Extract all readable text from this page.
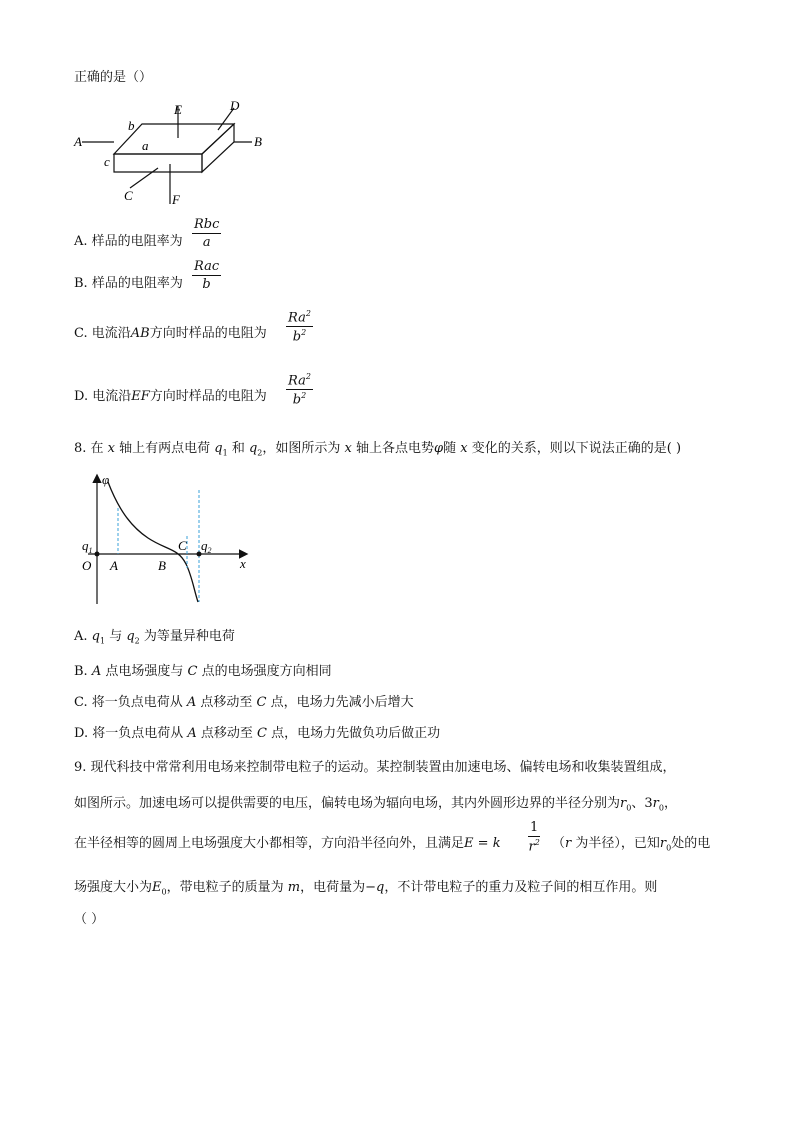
正确的是（）
A	B
E
F
D
C
a
b
c
A. 样品的电阻率为
Rbc
a
B. 样品的电阻率为
Rac
b
C. 电流沿AB方向时样品的电阻为
Ra$^2$
$b^2$
D. 电流沿EF方向时样品的电阻为
Ra$^2$
$b^2$
8. 在 x 轴上有两点电荷 $q_1$ 和 $q_2$，如图所示为 x 轴上各点电势φ随 x 变化的关系，则以下说法正确的是( )
φ
$q_1$	$q_2$
O A	B
C
x
A. $q_1$ 与 $q_2$ 为等量异种电荷
B. A 点电场强度与 C 点的电场强度方向相同
C. 将一负点电荷从 A 点移动至 C 点，电场力先减小后增大
D. 将一负点电荷从 A 点移动至 C 点，电场力先做负功后做正功
9. 现代科技中常常利用电场来控制带电粒子的运动。某控制装置由加速电场、偏转电场和收集装置组成，
如图所示。加速电场可以提供需要的电压，偏转电场为辐向电场，其内外圆形边界的半径分别为$r_0$、$3r_0$，
在半径相等的圆周上电场强度大小都相等，方向沿半径向外，且满足E = k
1
$r^2$ （r 为半径），已知$r_0$处的电
场强度大小为$E_0$，带电粒子的质量为 m，电荷量为−q，不计带电粒子的重力及粒子间的相互作用。则
（ ）
